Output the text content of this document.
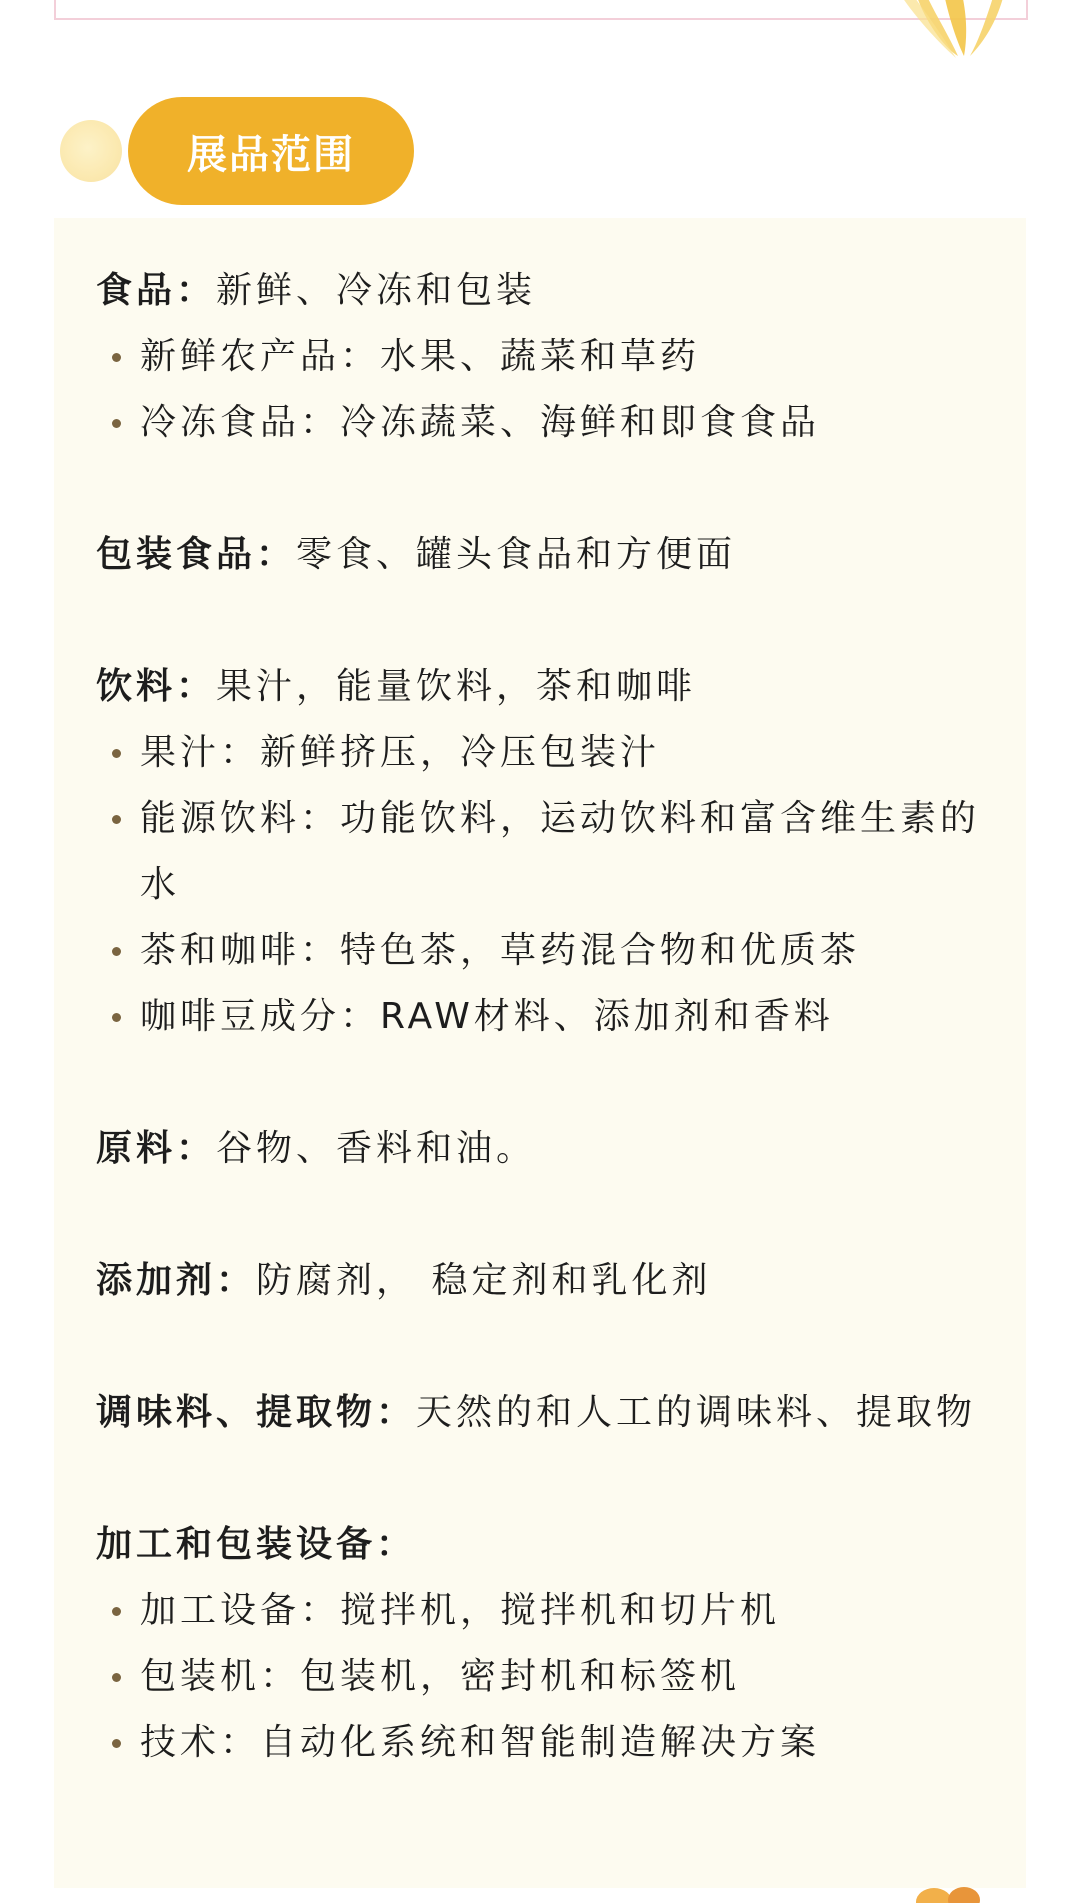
展品范围

食品：新鲜、冷冻和包装

新鲜农产品：水果、蔬菜和草药

冷冻食品：冷冻蔬菜、海鲜和即食食品

包装食品：零食、罐头食品和方便面

饮料：果汁，能量饮料，茶和咖啡

果汁：新鲜挤压，冷压包装汁

能源饮料：功能饮料，运动饮料和富含维生素的水

茶和咖啡：特色茶，草药混合物和优质茶

咖啡豆成分：RAW材料、添加剂和香料

原料：谷物、香料和油。

添加剂：防腐剂， 稳定剂和乳化剂

调味料、提取物：天然的和人工的调味料、提取物

加工和包装设备：

加工设备：搅拌机，搅拌机和切片机

包装机：包装机，密封机和标签机

技术：自动化系统和智能制造解决方案
